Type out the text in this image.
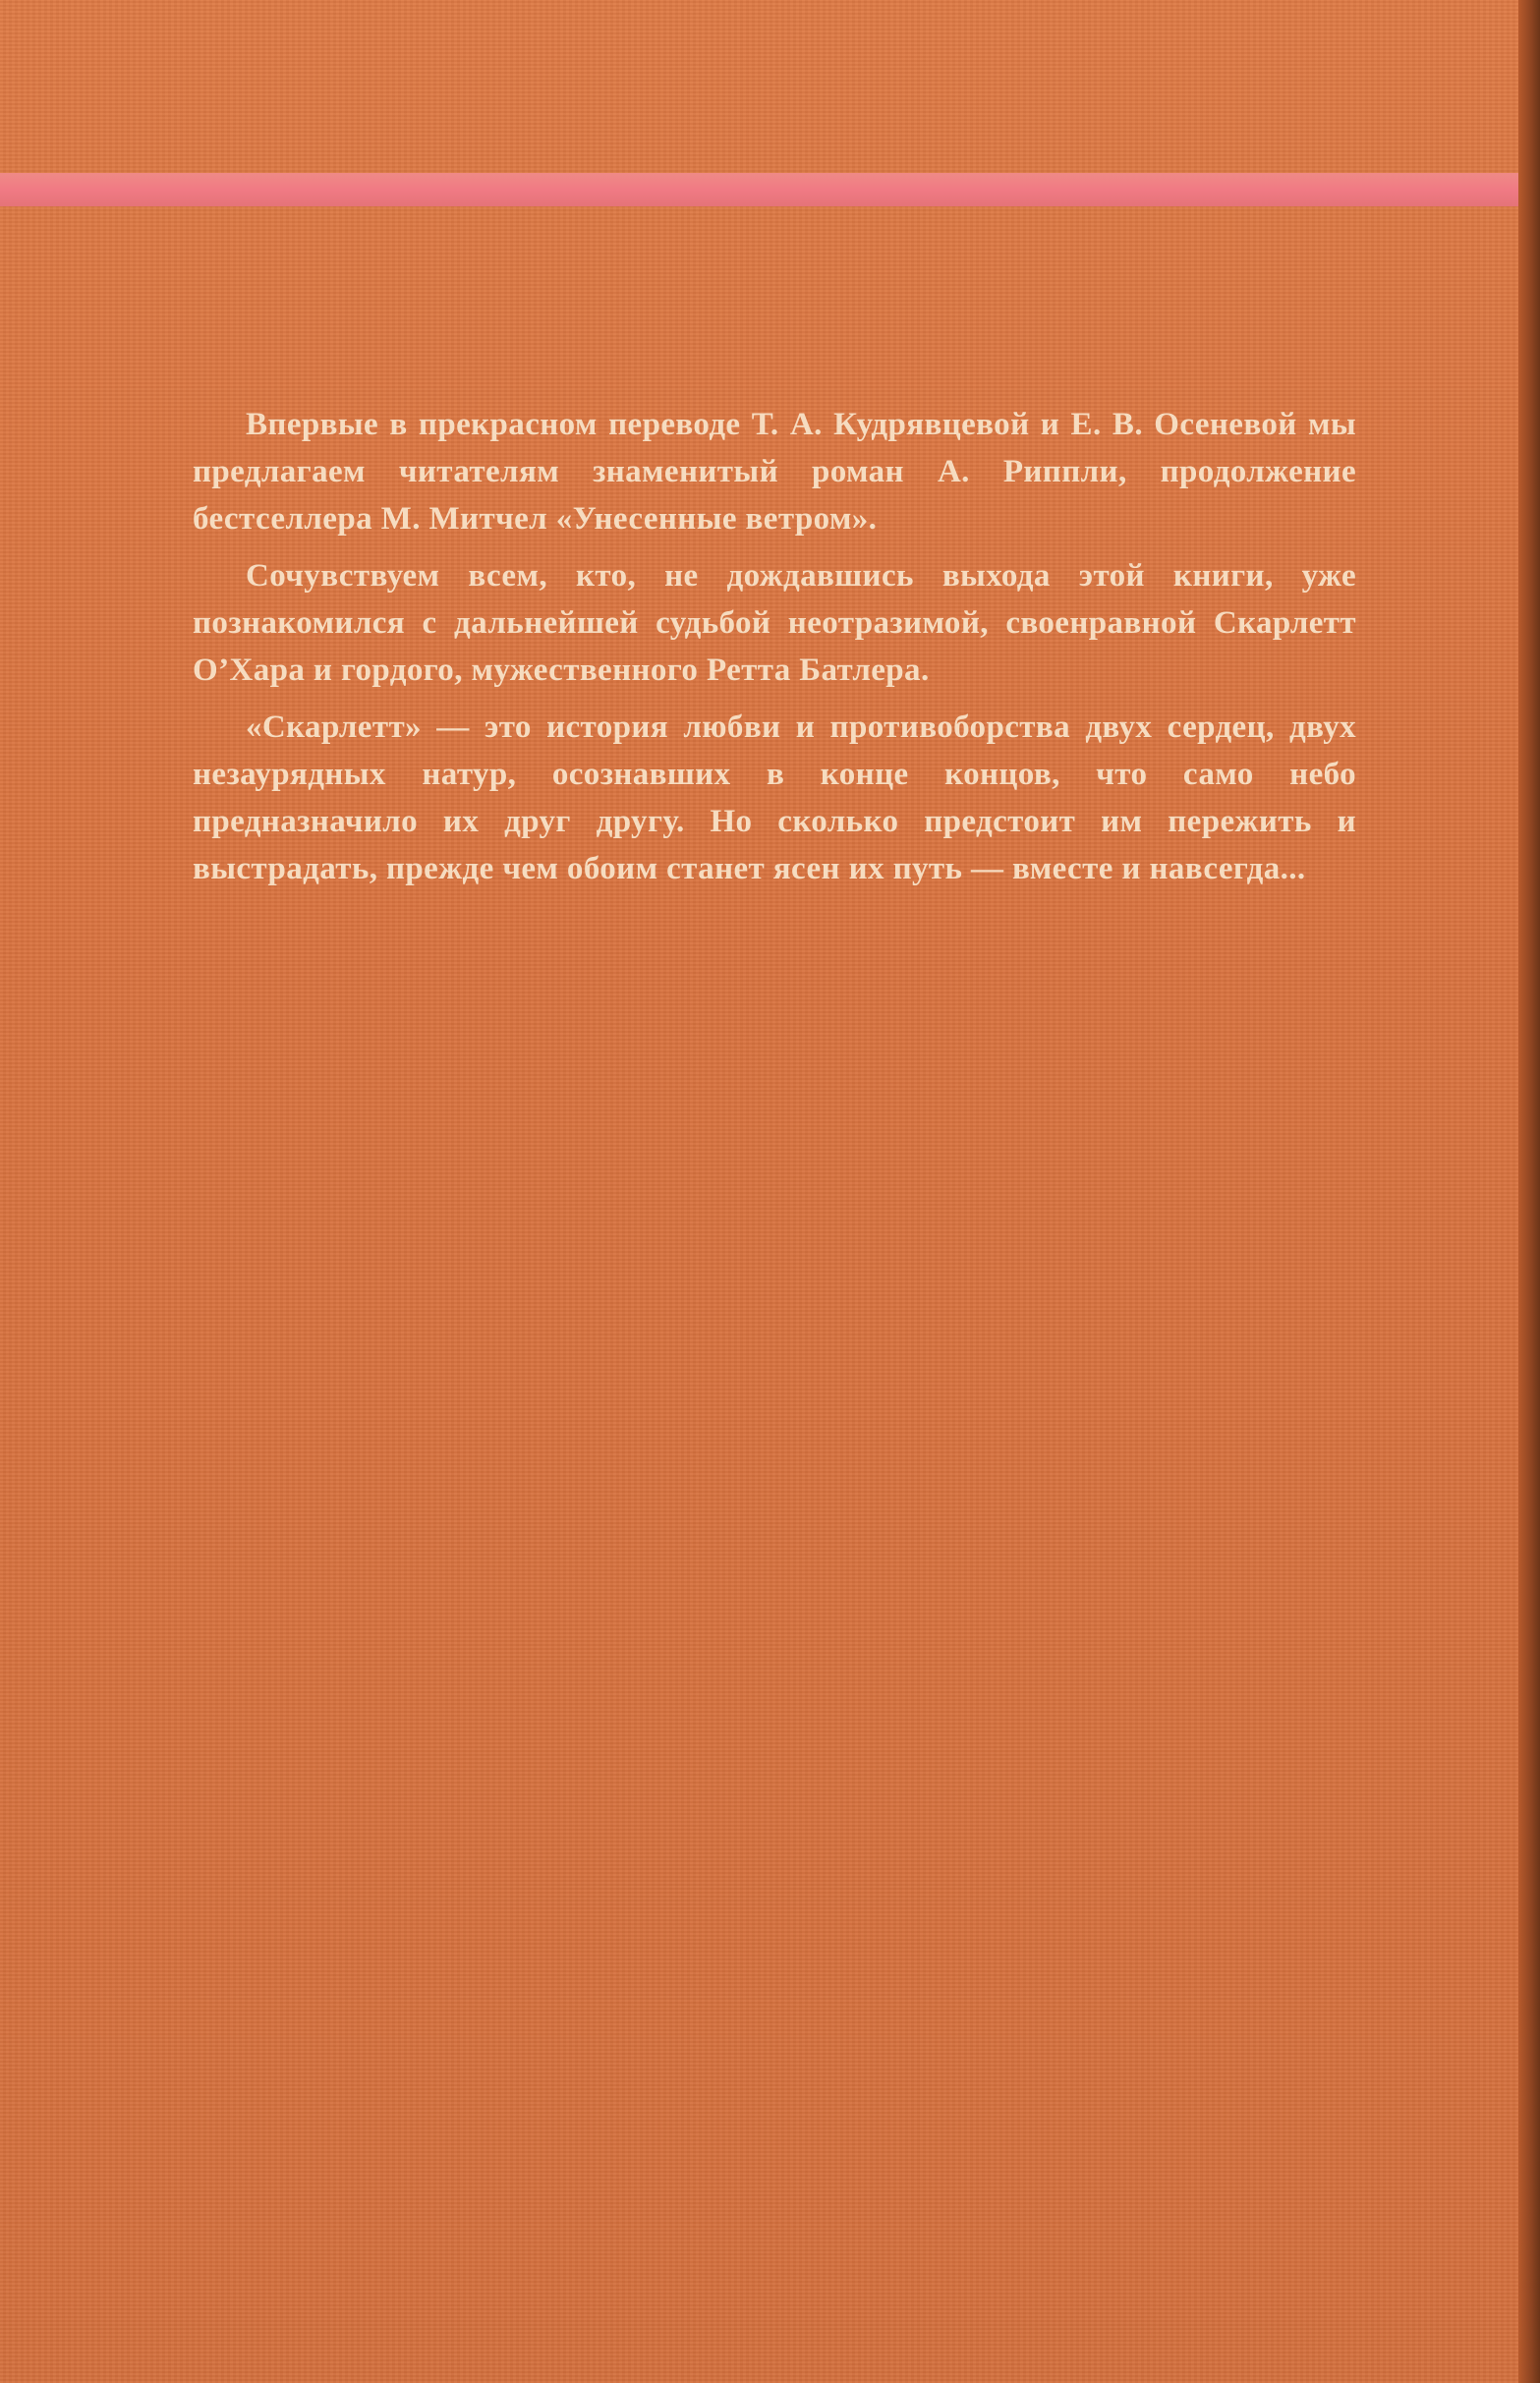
Впервые в прекрасном переводе Т. А. Кудрявцевой и Е. В. Осеневой мы предлагаем читателям знаменитый роман А. Риппли, продолжение бестселлера М. Митчел «Унесенные ветром».

Сочувствуем всем, кто, не дождавшись выхода этой книги, уже познакомился с дальнейшей судьбой неотразимой, своенравной Скарлетт О’Хара и гордого, мужественного Ретта Батлера.

«Скарлетт» — это история любви и противоборства двух сердец, двух незаурядных натур, осознавших в конце концов, что само небо предназначило их друг другу. Но сколько предстоит им пережить и выстрадать, прежде чем обоим станет ясен их путь — вместе и навсегда...
